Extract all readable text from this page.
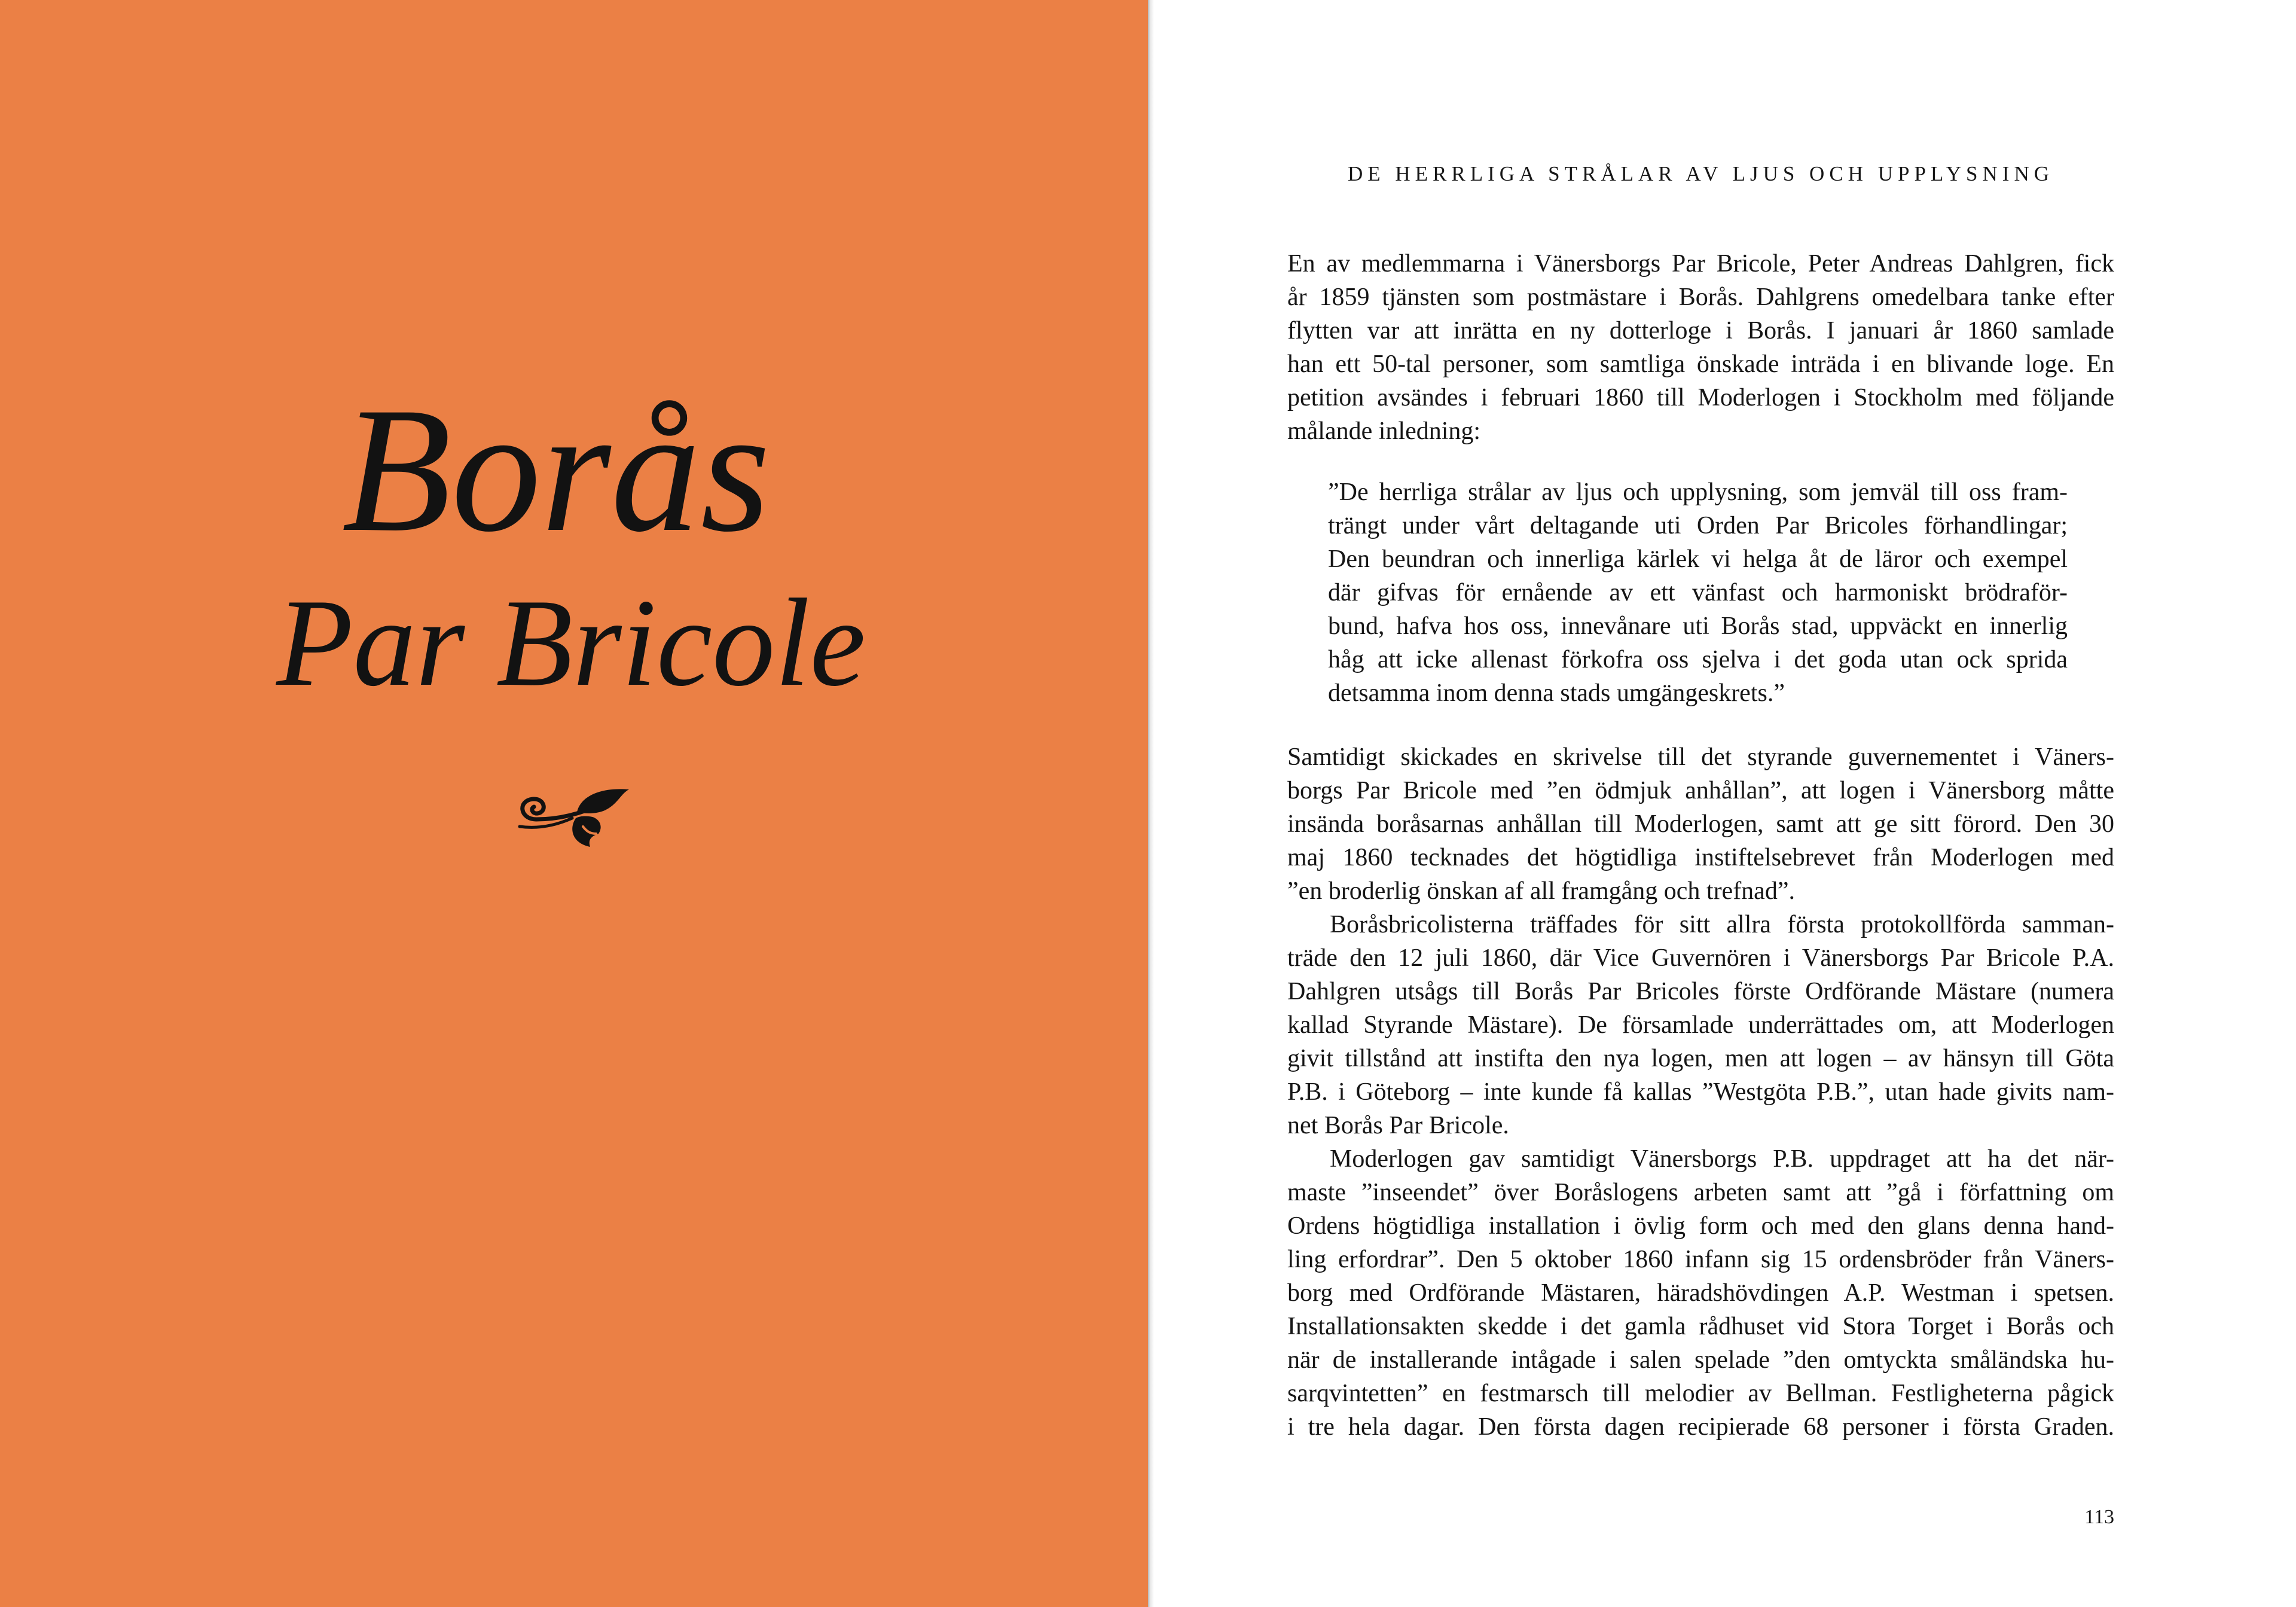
Borås
Par Bricole
DE HERRLIGA STRÅLAR AV LJUS OCH UPPLYSNING
En av medlemmarna i Vänersborgs Par Bricole, Peter Andreas Dahlgren, fick
år 1859 tjänsten som postmästare i Borås. Dahlgrens omedelbara tanke efter
flytten var att inrätta en ny dotterloge i Borås. I januari år 1860 samlade
han ett 50-tal personer, som samtliga önskade inträda i en blivande loge. En
petition avsändes i februari 1860 till Moderlogen i Stockholm med följande
målande inledning:
”De herrliga strålar av ljus och upplysning, som jemväl till oss fram-
trängt under vårt deltagande uti Orden Par Bricoles förhandlingar;
Den beundran och innerliga kärlek vi helga åt de läror och exempel
där gifvas för ernående av ett vänfast och harmoniskt brödraför-
bund, hafva hos oss, innevånare uti Borås stad, uppväckt en innerlig
håg att icke allenast förkofra oss sjelva i det goda utan ock sprida
detsamma inom denna stads umgängeskrets.”
Samtidigt skickades en skrivelse till det styrande guvernementet i Väners-
borgs Par Bricole med ”en ödmjuk anhållan”, att logen i Vänersborg måtte
insända boråsarnas anhållan till Moderlogen, samt att ge sitt förord. Den 30
maj 1860 tecknades det högtidliga instiftelsebrevet från Moderlogen med
”en broderlig önskan af all framgång och trefnad”.
Boråsbricolisterna träffades för sitt allra första protokollförda samman-
träde den 12 juli 1860, där Vice Guvernören i Vänersborgs Par Bricole P.A.
Dahlgren utsågs till Borås Par Bricoles förste Ordförande Mästare (numera
kallad Styrande Mästare). De församlade underrättades om, att Moderlogen
givit tillstånd att instifta den nya logen, men att logen – av hänsyn till Göta
P.B. i Göteborg – inte kunde få kallas ”Westgöta P.B.”, utan hade givits nam-
net Borås Par Bricole.
Moderlogen gav samtidigt Vänersborgs P.B. uppdraget att ha det när-
maste ”inseendet” över Boråslogens arbeten samt att ”gå i författning om
Ordens högtidliga installation i övlig form och med den glans denna hand-
ling erfordrar”. Den 5 oktober 1860 infann sig 15 ordensbröder från Väners-
borg med Ordförande Mästaren, häradshövdingen A.P. Westman i spetsen.
Installationsakten skedde i det gamla rådhuset vid Stora Torget i Borås och
när de installerande intågade i salen spelade ”den omtyckta småländska hu-
sarqvintetten” en festmarsch till melodier av Bellman. Festligheterna pågick
i tre hela dagar. Den första dagen recipierade 68 personer i första Graden.
113
